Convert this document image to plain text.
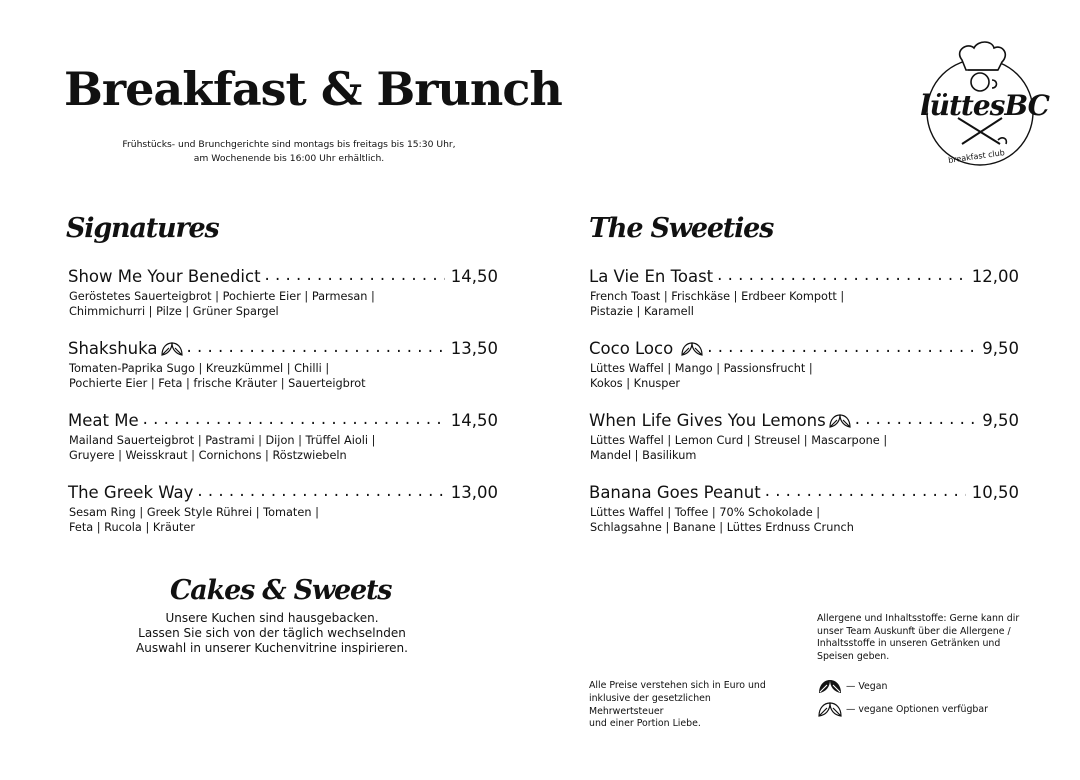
Breakfast & Brunch
Frühstücks- und Brunchgerichte sind montags bis freitags bis 15:30 Uhr,
am Wochenende bis 16:00 Uhr erhältlich.
lüttesBC
breakfast club
Signatures	The Sweeties
Show Me Your Benedict . . .	14,50
Geröstetes Sauerteigbrot | Pochierte Eier | Parmesan |
Chimmichurri | Pilze | Grüner Spargel
Shakshuka . . .	13,50
Tomaten-Paprika Sugo | Kreuzkümmel | Chilli |
Pochierte Eier | Feta | frische Kräuter | Sauerteigbrot
Meat Me . . .	14,50
Mailand Sauerteigbrot | Pastrami | Dijon | Trüffel Aioli |
Gruyere | Weisskraut | Cornichons | Röstzwiebeln
The Greek Way . . .	13,00
Sesam Ring | Greek Style Rührei | Tomaten |
Feta | Rucola | Kräuter
La Vie En Toast . . .	12,00
French Toast | Frischkäse | Erdbeer Kompott |
Pistazie | Karamell
Coco Loco . . .	9,50
Lüttes Waffel | Mango | Passionsfrucht |
Kokos | Knusper
When Life Gives You Lemons . . .	9,50
Lüttes Waffel | Lemon Curd | Streusel | Mascarpone |
Mandel | Basilikum
Banana Goes Peanut . . .	10,50
Lüttes Waffel | Toffee | 70% Schokolade |
Schlagsahne | Banane | Lüttes Erdnuss Crunch
Cakes & Sweets
Unsere Kuchen sind hausgebacken.
Lassen Sie sich von der täglich wechselnden
Auswahl in unserer Kuchenvitrine inspirieren.
Allergene und Inhaltsstoffe: Gerne kann dir unser Team Auskunft über die Allergene / Inhaltsstoffe in unseren Getränken und Speisen geben.
Alle Preise verstehen sich in Euro und
inklusive der gesetzlichen Mehrwertsteuer
und einer Portion Liebe.
— Vegan
— vegane Optionen verfügbar
